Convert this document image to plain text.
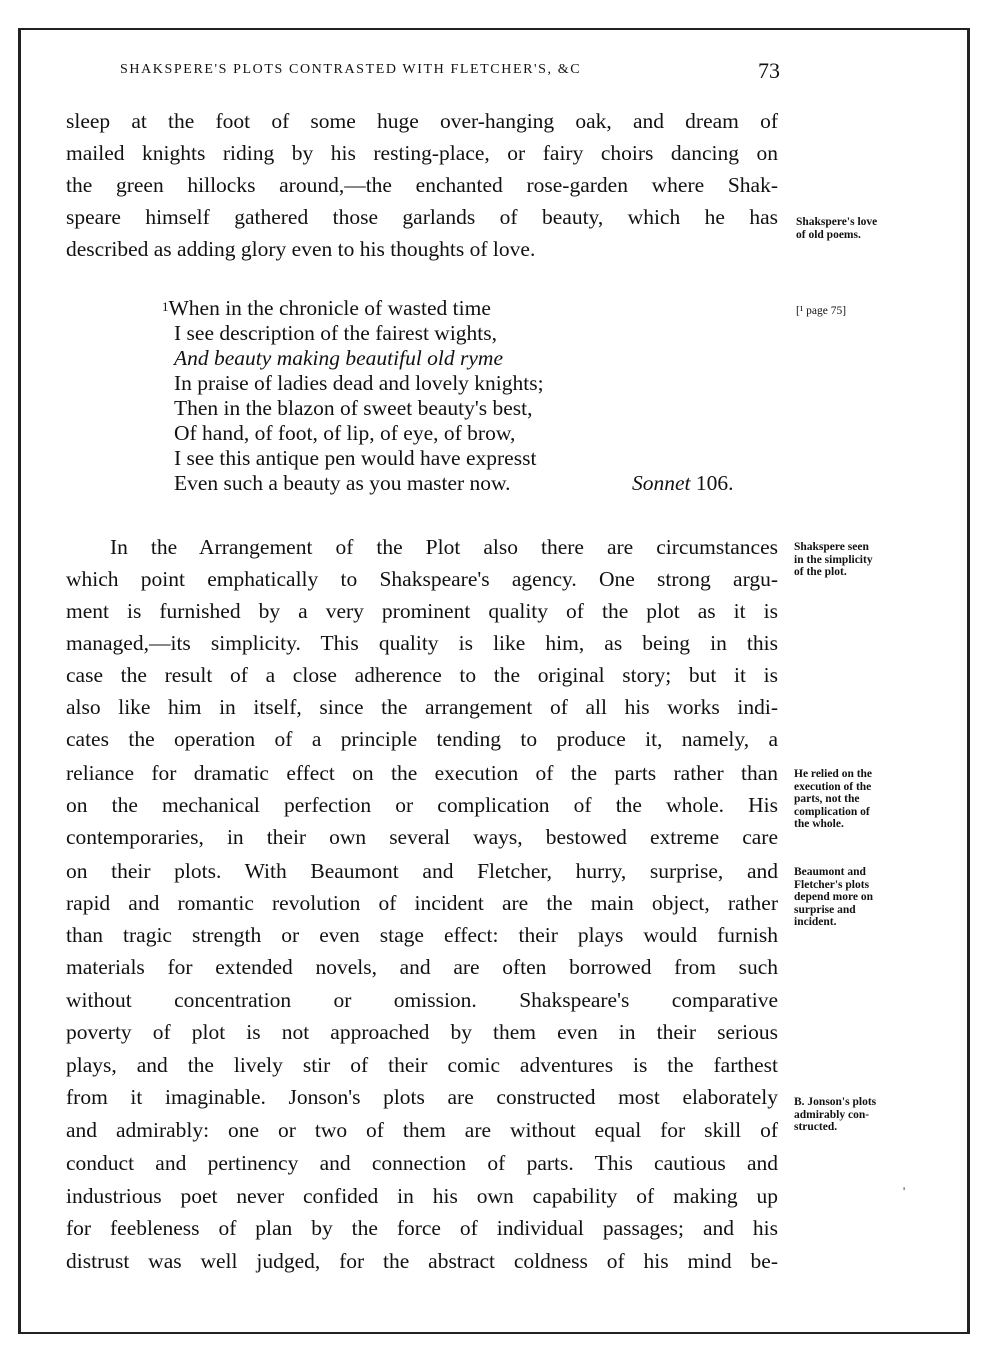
SHAKSPERE'S PLOTS CONTRASTED WITH FLETCHER'S, &C	73
sleep at the foot of some huge over-hanging oak, and dream of
mailed knights riding by his resting-place, or fairy choirs dancing on
the green hillocks around,—the enchanted rose-garden where Shak-
speare himself gathered those garlands of beauty, which he has
described as adding glory even to his thoughts of love.
$^1$When in the chronicle of wasted time
I see description of the fairest wights,
And beauty making beautiful old ryme
In praise of ladies dead and lovely knights;
Then in the blazon of sweet beauty's best,
Of hand, of foot, of lip, of eye, of brow,
I see this antique pen would have expresst
Even such a beauty as you master now.	Sonnet 106.
In the Arrangement of the Plot also there are circumstances
which point emphatically to Shakspeare's agency. One strong argu-
ment is furnished by a very prominent quality of the plot as it is
managed,—its simplicity. This quality is like him, as being in this
case the result of a close adherence to the original story; but it is
also like him in itself, since the arrangement of all his works indi-
cates the operation of a principle tending to produce it, namely, a
reliance for dramatic effect on the execution of the parts rather than
on the mechanical perfection or complication of the whole. His
contemporaries, in their own several ways, bestowed extreme care
on their plots. With Beaumont and Fletcher, hurry, surprise, and
rapid and romantic revolution of incident are the main object, rather
than tragic strength or even stage effect: their plays would furnish
materials for extended novels, and are often borrowed from such
without concentration or omission. Shakspeare's comparative
poverty of plot is not approached by them even in their serious
plays, and the lively stir of their comic adventures is the farthest
from it imaginable. Jonson's plots are constructed most elaborately
and admirably: one or two of them are without equal for skill of
conduct and pertinency and connection of parts. This cautious and
industrious poet never confided in his own capability of making up
for feebleness of plan by the force of individual passages; and his
distrust was well judged, for the abstract coldness of his mind be-
Shakspere's love
of old poems.
[¹ page 75]
Shakspere seen
in the simplicity
of the plot.
He relied on the
execution of the
parts, not the
complication of
the whole.
Beaumont and
Fletcher's plots
depend more on
surprise and
incident.
B. Jonson's plots
admirably con-
structed.
'
